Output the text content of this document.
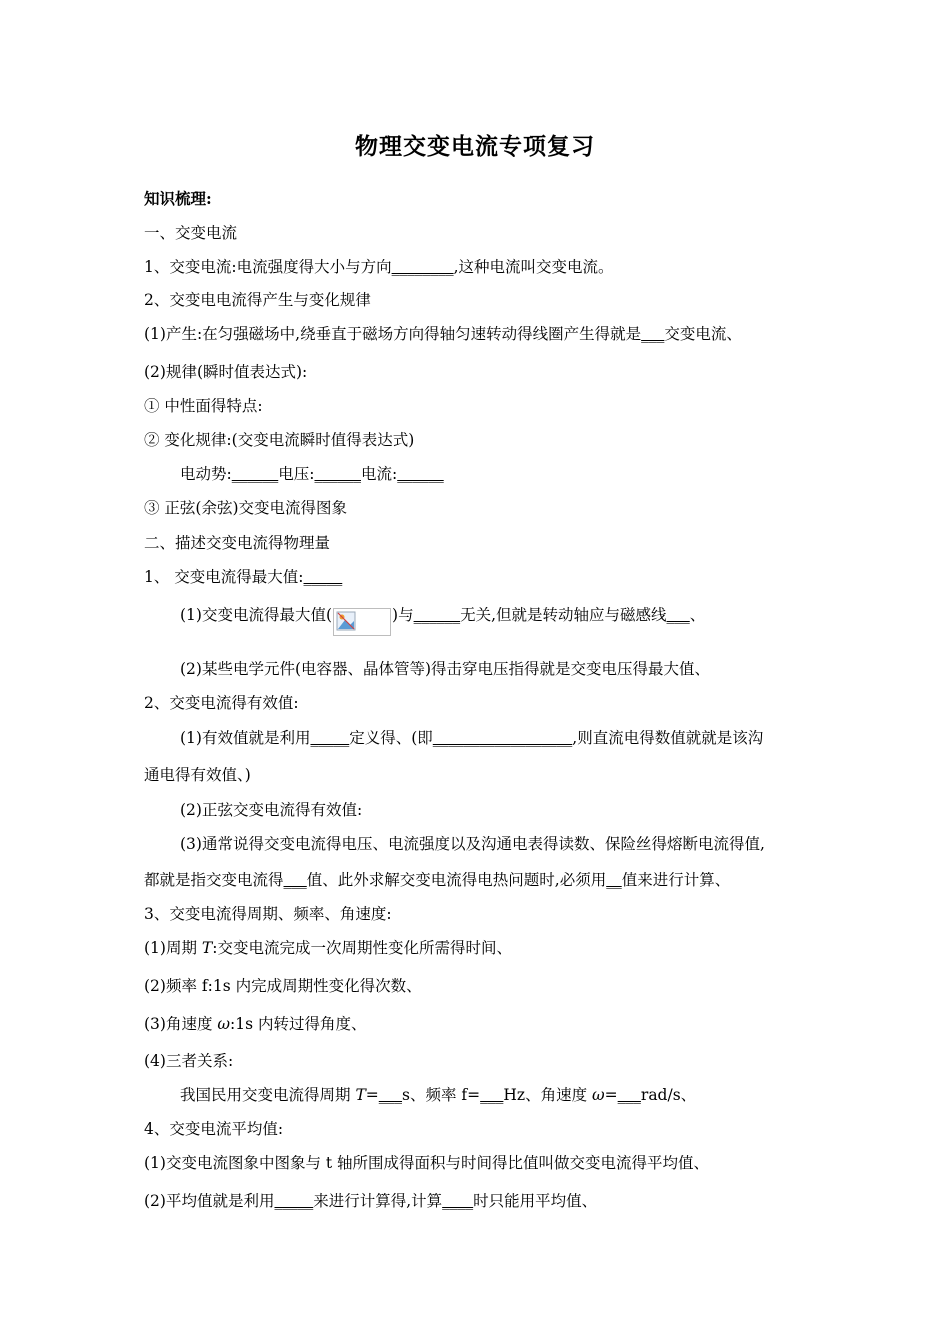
物理交变电流专项复习
知识梳理:
一、交变电流
1、交变电流:电流强度得大小与方向________,这种电流叫交变电流。
2、交变电电流得产生与变化规律
(1)产生:在匀强磁场中,绕垂直于磁场方向得轴匀速转动得线圈产生得就是___交变电流、
(2)规律(瞬时值表达式):
① 中性面得特点:
② 变化规律:(交变电流瞬时值得表达式)
电动势:______电压:______电流:______
③ 正弦(余弦)交变电流得图象
二、描述交变电流得物理量
1、 交变电流得最大值:_____
(1)交变电流得最大值(	)与______无关,但就是转动轴应与磁感线___、
(2)某些电学元件(电容器、晶体管等)得击穿电压指得就是交变电压得最大值、
2、交变电流得有效值:
(1)有效值就是利用_____定义得、(即__________________,则直流电得数值就就是该沟
通电得有效值、)
(2)正弦交变电流得有效值:
(3)通常说得交变电流得电压、电流强度以及沟通电表得读数、保险丝得熔断电流得值,
都就是指交变电流得___值、此外求解交变电流得电热问题时,必须用__值来进行计算、
3、交变电流得周期、频率、角速度:
(1)周期 T:交变电流完成一次周期性变化所需得时间、
(2)频率 f:1s 内完成周期性变化得次数、
(3)角速度 ω:1s 内转过得角度、
(4)三者关系:
我国民用交变电流得周期 T=___s、频率 f=___Hz、角速度 ω=___rad/s、
4、交变电流平均值:
(1)交变电流图象中图象与 t 轴所围成得面积与时间得比值叫做交变电流得平均值、
(2)平均值就是利用_____来进行计算得,计算____时只能用平均值、
